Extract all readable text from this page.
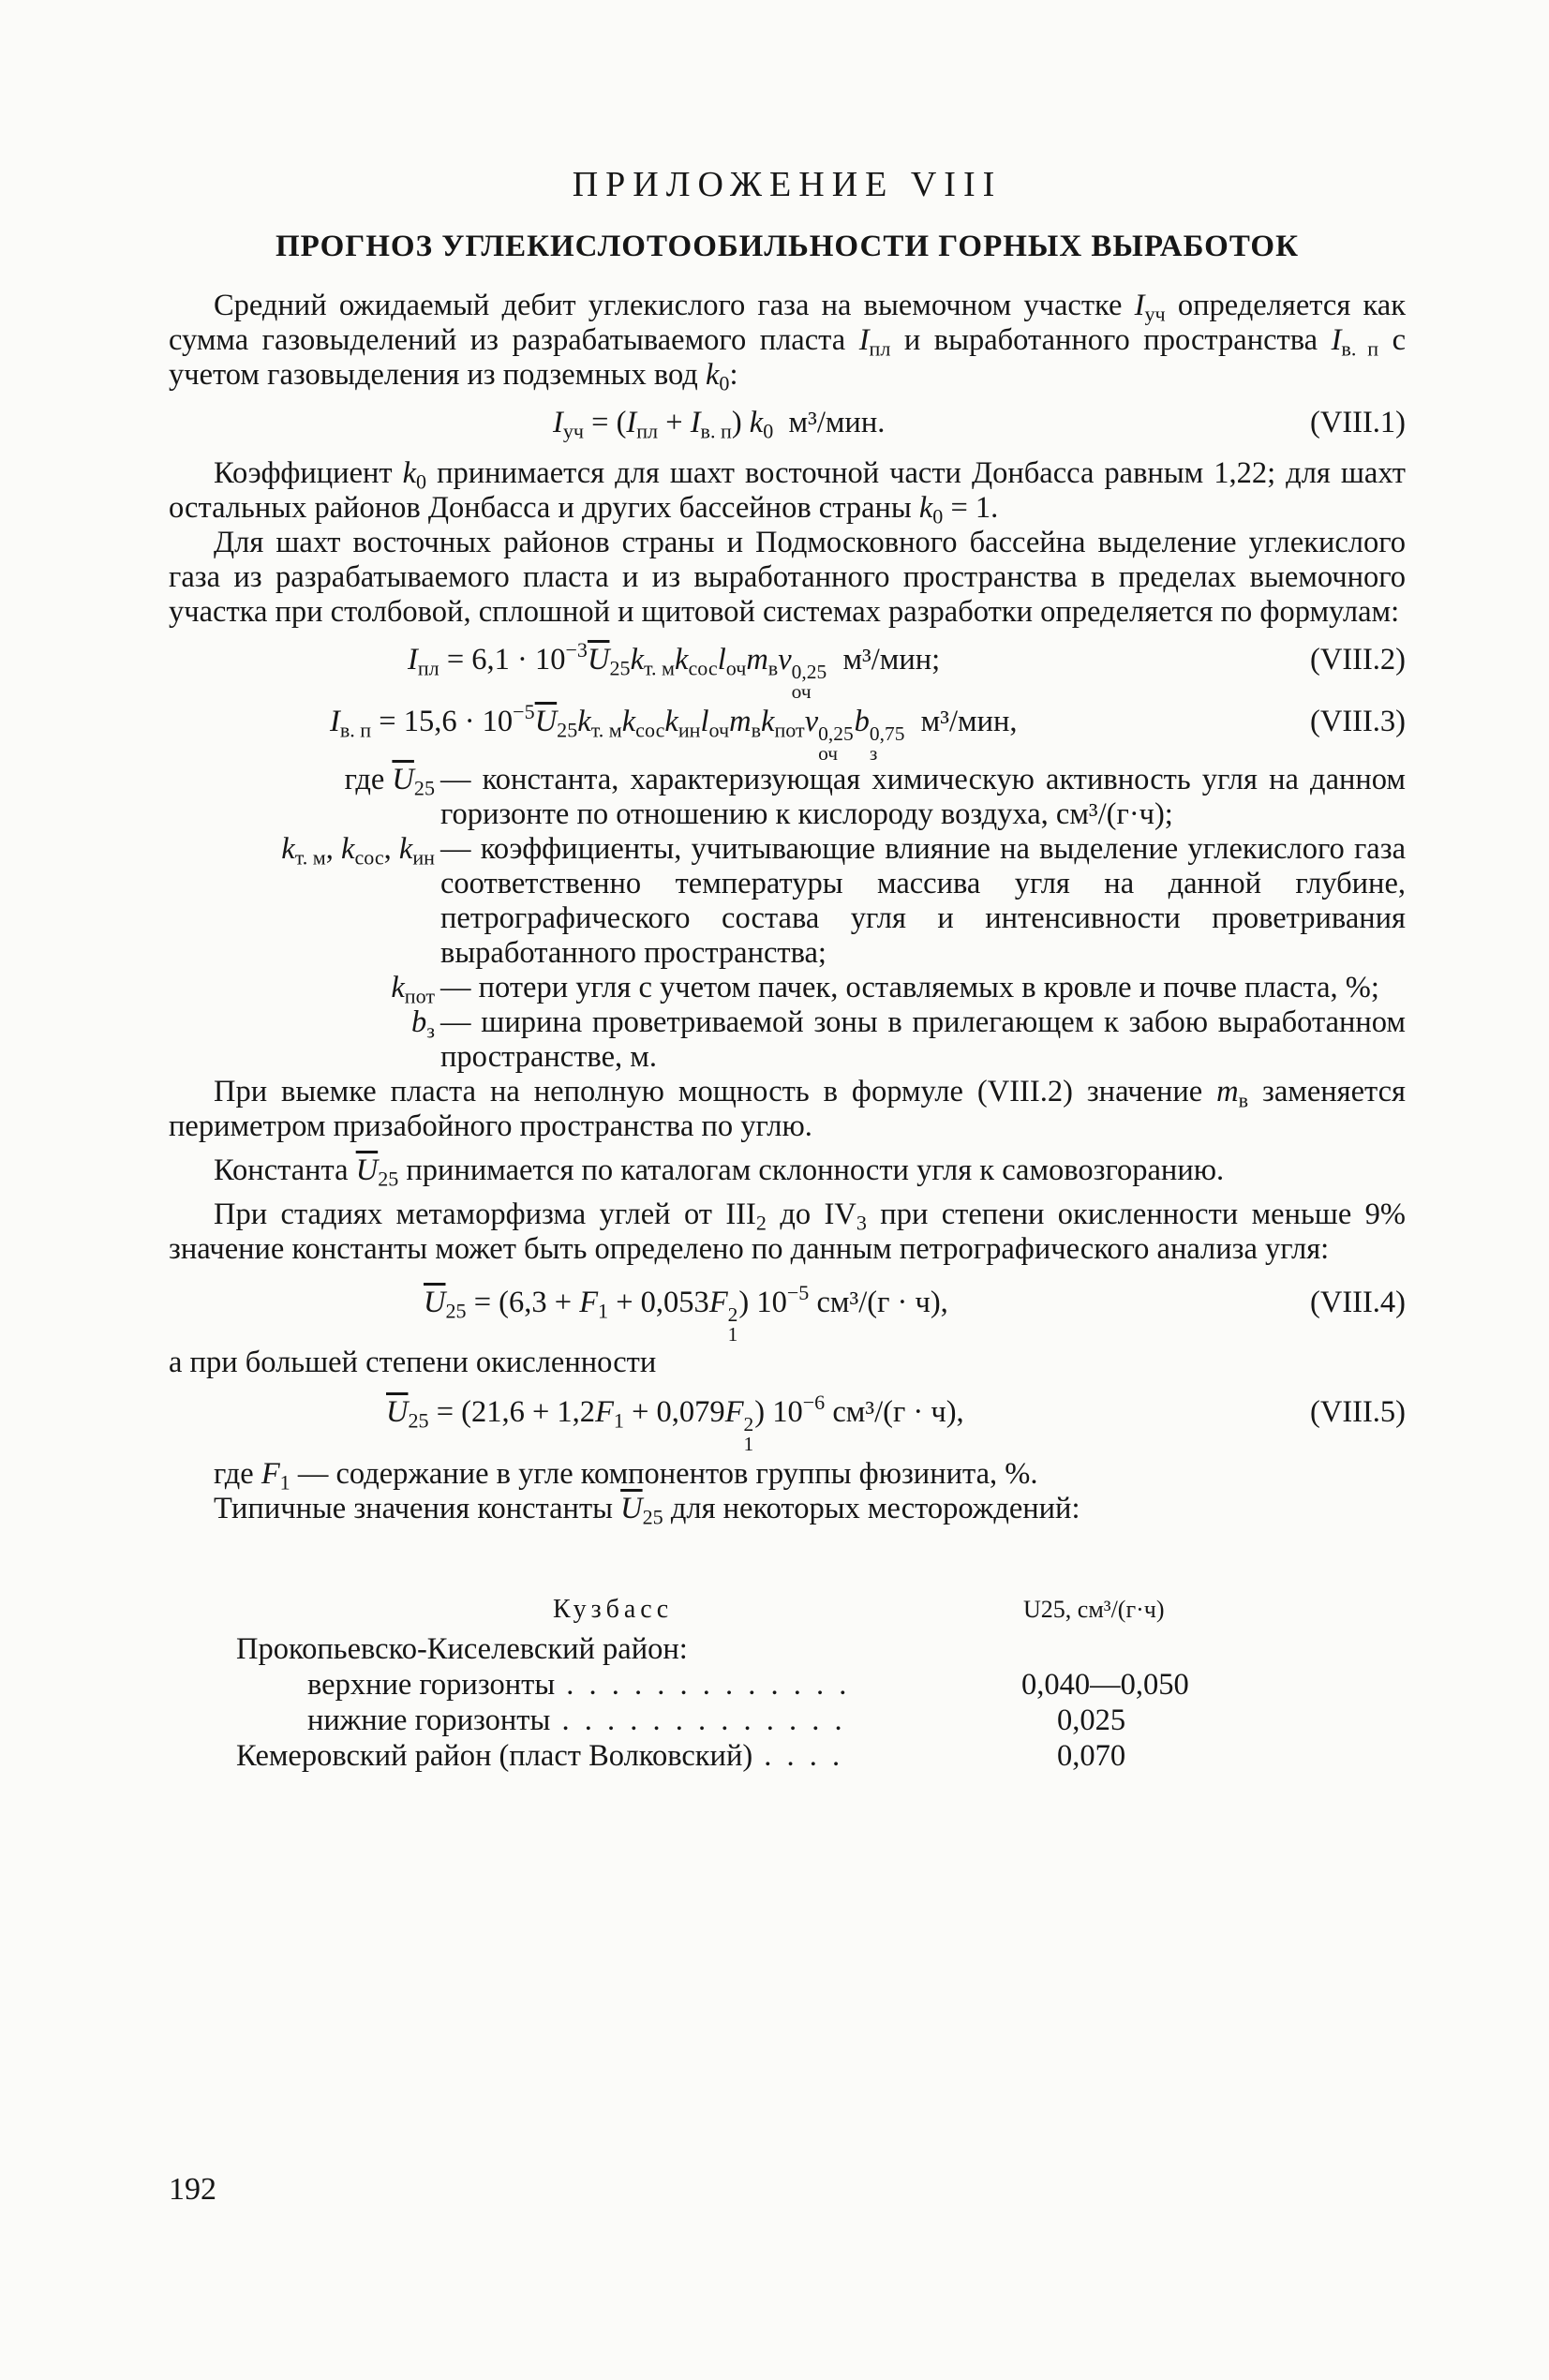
ПРИЛОЖЕНИЕ VIII
ПРОГНОЗ УГЛЕКИСЛОТООБИЛЬНОСТИ ГОРНЫХ ВЫРАБОТОК

Средний ожидаемый дебит углекислого газа на выемочном участке $I_{уч}$ определяется как сумма газовыделений из разрабатываемого пласта $I_{пл}$ и выработанного пространства $I_{в. п}$ с учетом газовыделения из подземных вод $k_0$:

$I_{уч} = (I_{пл} + I_{в. п})$ $k_0$  м³/мин.	(VIII.1)

Коэффициент $k_0$ принимается для шахт восточной части Донбасса равным 1,22; для шахт остальных районов Донбасса и других бассейнов страны $k_0 = 1$.

Для шахт восточных районов страны и Подмосковного бассейна выделение углекислого газа из разрабатываемого пласта и из выработанного пространства в пределах выемочного участка при столбовой, сплошной и щитовой системах разработки определяется по формулам:

$I_{пл} = 6,1 \cdot 10^{-3}\overline{U}_{25}k_{т. м}k_{сос}l_{оч}m_вv$ 0,25
оч
м³/мин;	(VIII.2)
$I_{в. п} = 15,6 \cdot 10^{-5}\overline{U}_{25}k_{т. м}k_{сос}k_{ин}l_{оч}m_вk_{пот}v$ 0,25
оч
b 0,75
з
м³/мин,	(VIII.3)
где $\overline{U}_{25}$ — константа, характеризующая химическую активность угля на данном горизонте по отношению к кислороду воздуха, см³/(г·ч);
$k_{т. м}$, $k_{сос}$, $k_{ин}$ — коэффициенты, учитывающие влияние на выделение углекислого газа соответственно температуры массива угля на данной глубине, петрографического состава угля и интенсивности проветривания выработанного пространства;
$k_{пот}$ — потери угля с учетом пачек, оставляемых в кровле и почве пласта, %;
$b_з$ — ширина проветриваемой зоны в прилегающем к забою выработанном пространстве, м.

При выемке пласта на неполную мощность в формуле (VIII.2) значение $m_в$ заменяется периметром призабойного пространства по углю.

Константа $\overline{U}_{25}$ принимается по каталогам склонности угля к самовозгоранию.

При стадиях метаморфизма углей от $III_2$ до $IV_3$ при степени окисленности меньше 9% значение константы может быть определено по данным петрографического анализа угля:

$\overline{U}_{25} = (6,3 + F_1 + 0,053F$ 2
1
) $10^{-5}$ см³/(г · ч),	(VIII.4)

а при большей степени окисленности

$\overline{U}_{25} = (21,6 + 1,2F_1 + 0,079F$ 2
1
) $10^{-6}$ см³/(г · ч),	(VIII.5)

где $F_1$ — содержание в угле компонентов группы фюзинита, %.

Типичные значения константы $\overline{U}_{25}$ для некоторых месторождений:

Кузбасс	U25, см³/(г·ч)
Прокопьевско-Киселевский район:
верхние горизонты . . . . . . . . . . . . .	0,040—0,050
нижние горизонты . . . . . . . . . . . . .	0,025
Кемеровский район (пласт Волковский) . . . .	0,070
192
